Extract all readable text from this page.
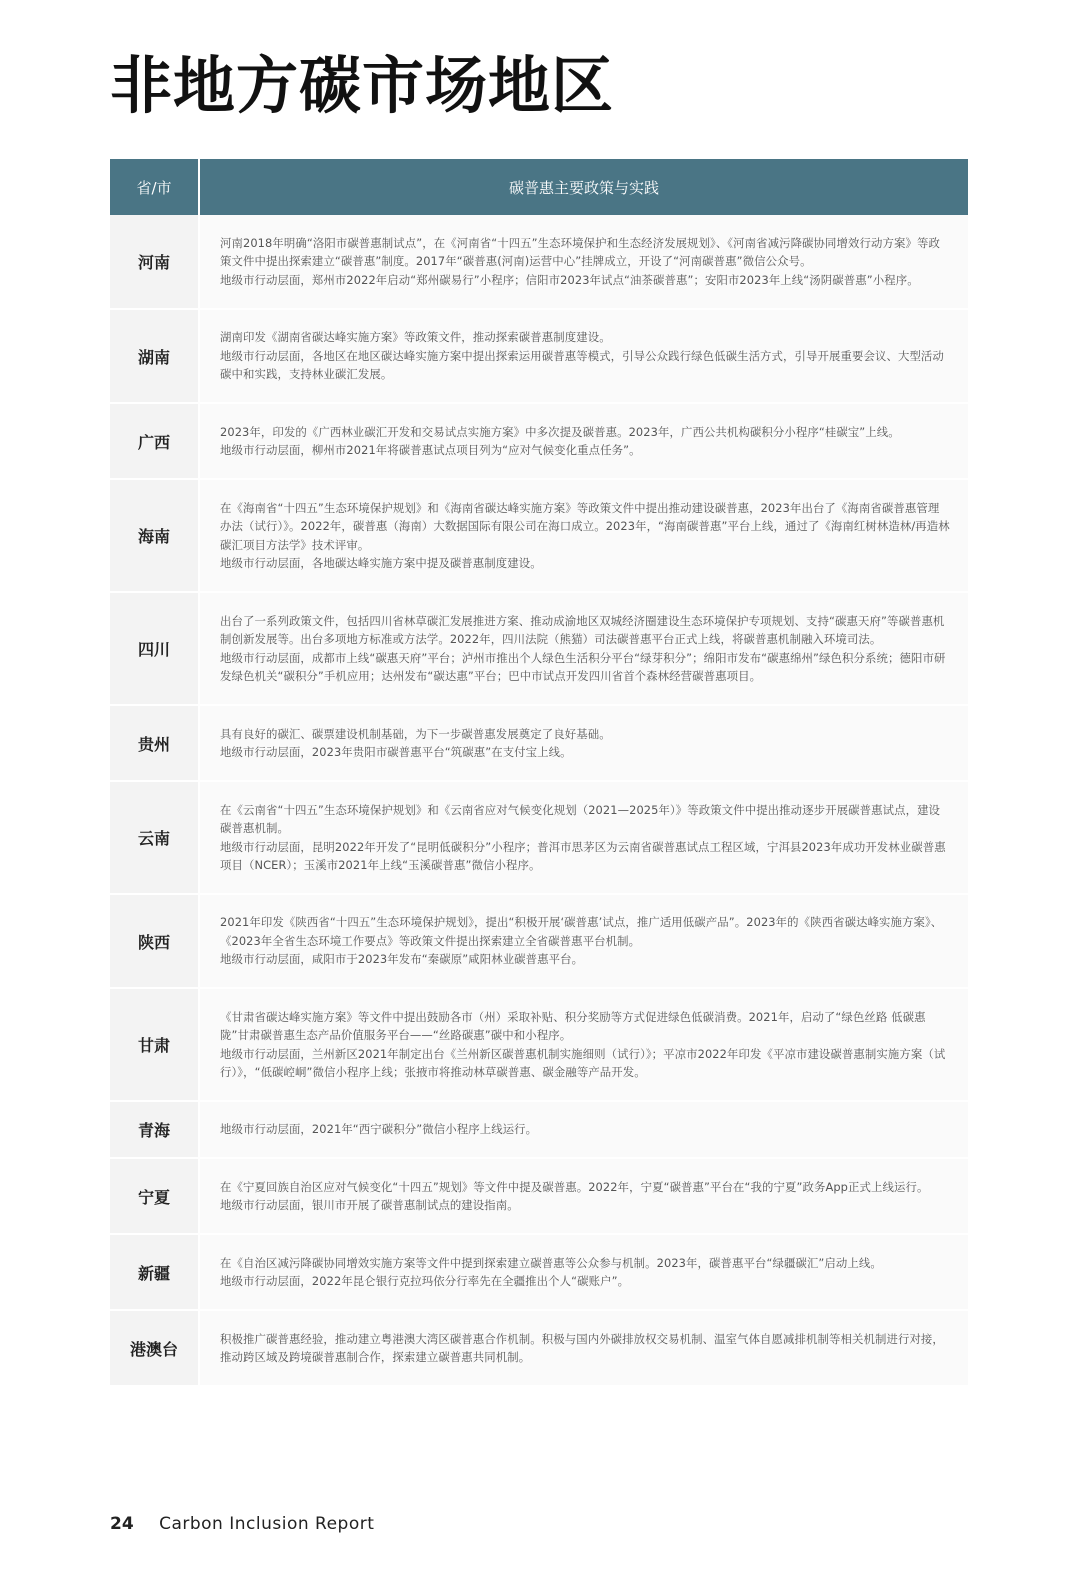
非地方碳市场地区
省/市	碳普惠主要政策与实践
河南	河南2018年明确“洛阳市碳普惠制试点”，在《河南省“十四五”生态环境保护和生态经济发展规划》、《河南省减污降碳协同增效行动方案》等政策文件中提出探索建立“碳普惠”制度。2017年“碳普惠(河南)运营中心”挂牌成立，开设了“河南碳普惠”微信公众号。
地级市行动层面，郑州市2022年启动“郑州碳易行”小程序；信阳市2023年试点“油茶碳普惠”；安阳市2023年上线“汤阴碳普惠”小程序。

湖南	湖南印发《湖南省碳达峰实施方案》等政策文件，推动探索碳普惠制度建设。
地级市行动层面，各地区在地区碳达峰实施方案中提出探索运用碳普惠等模式，引导公众践行绿色低碳生活方式，引导开展重要会议、大型活动碳中和实践，支持林业碳汇发展。

广西	2023年，印发的《广西林业碳汇开发和交易试点实施方案》中多次提及碳普惠。2023年，广西公共机构碳积分小程序“桂碳宝”上线。
地级市行动层面，柳州市2021年将碳普惠试点项目列为“应对气候变化重点任务”。

海南	在《海南省“十四五”生态环境保护规划》和《海南省碳达峰实施方案》等政策文件中提出推动建设碳普惠，2023年出台了《海南省碳普惠管理办法（试行）》。2022年，碳普惠（海南）大数据国际有限公司在海口成立。2023年，“海南碳普惠”平台上线，通过了《海南红树林造林/再造林碳汇项目方法学》技术评审。
地级市行动层面，各地碳达峰实施方案中提及碳普惠制度建设。

四川	出台了一系列政策文件，包括四川省林草碳汇发展推进方案、推动成渝地区双城经济圈建设生态环境保护专项规划、支持“碳惠天府”等碳普惠机制创新发展等。出台多项地方标准或方法学。2022年，四川法院（熊猫）司法碳普惠平台正式上线，将碳普惠机制融入环境司法。
地级市行动层面，成都市上线“碳惠天府”平台；泸州市推出个人绿色生活积分平台“绿芽积分”；绵阳市发布“碳惠绵州”绿色积分系统；德阳市研发绿色机关“碳积分”手机应用；达州发布“碳达惠”平台；巴中市试点开发四川省首个森林经营碳普惠项目。

贵州	具有良好的碳汇、碳票建设机制基础，为下一步碳普惠发展奠定了良好基础。
地级市行动层面，2023年贵阳市碳普惠平台“筑碳惠”在支付宝上线。

云南	在《云南省“十四五”生态环境保护规划》和《云南省应对气候变化规划（2021—2025年）》等政策文件中提出推动逐步开展碳普惠试点，建设碳普惠机制。
地级市行动层面，昆明2022年开发了“昆明低碳积分”小程序；普洱市思茅区为云南省碳普惠试点工程区域，宁洱县2023年成功开发林业碳普惠项目（NCER）；玉溪市2021年上线“玉溪碳普惠”微信小程序。

陕西	2021年印发《陕西省“十四五”生态环境保护规划》，提出“积极开展‘碳普惠’试点，推广适用低碳产品”。2023年的《陕西省碳达峰实施方案》、《2023年全省生态环境工作要点》等政策文件提出探索建立全省碳普惠平台机制。
地级市行动层面，咸阳市于2023年发布“秦碳原”咸阳林业碳普惠平台。

甘肃	《甘肃省碳达峰实施方案》等文件中提出鼓励各市（州）采取补贴、积分奖励等方式促进绿色低碳消费。2021年，启动了“绿色丝路 低碳惠陇”甘肃碳普惠生态产品价值服务平台——“丝路碳惠”碳中和小程序。
地级市行动层面，兰州新区2021年制定出台《兰州新区碳普惠机制实施细则（试行）》；平凉市2022年印发《平凉市建设碳普惠制实施方案（试行）》，“低碳崆峒”微信小程序上线；张掖市将推动林草碳普惠、碳金融等产品开发。

青海	地级市行动层面，2021年“西宁碳积分”微信小程序上线运行。

宁夏	在《宁夏回族自治区应对气候变化“十四五”规划》等文件中提及碳普惠。2022年，宁夏“碳普惠”平台在“我的宁夏”政务App正式上线运行。
地级市行动层面，银川市开展了碳普惠制试点的建设指南。

新疆	在《自治区减污降碳协同增效实施方案等文件中提到探索建立碳普惠等公众参与机制。2023年，碳普惠平台“绿疆碳汇”启动上线。
地级市行动层面，2022年昆仑银行克拉玛依分行率先在全疆推出个人“碳账户”。

港澳台	积极推广碳普惠经验，推动建立粤港澳大湾区碳普惠合作机制。积极与国内外碳排放权交易机制、温室气体自愿减排机制等相关机制进行对接，推动跨区域及跨境碳普惠制合作，探索建立碳普惠共同机制。
24 Carbon Inclusion Report
